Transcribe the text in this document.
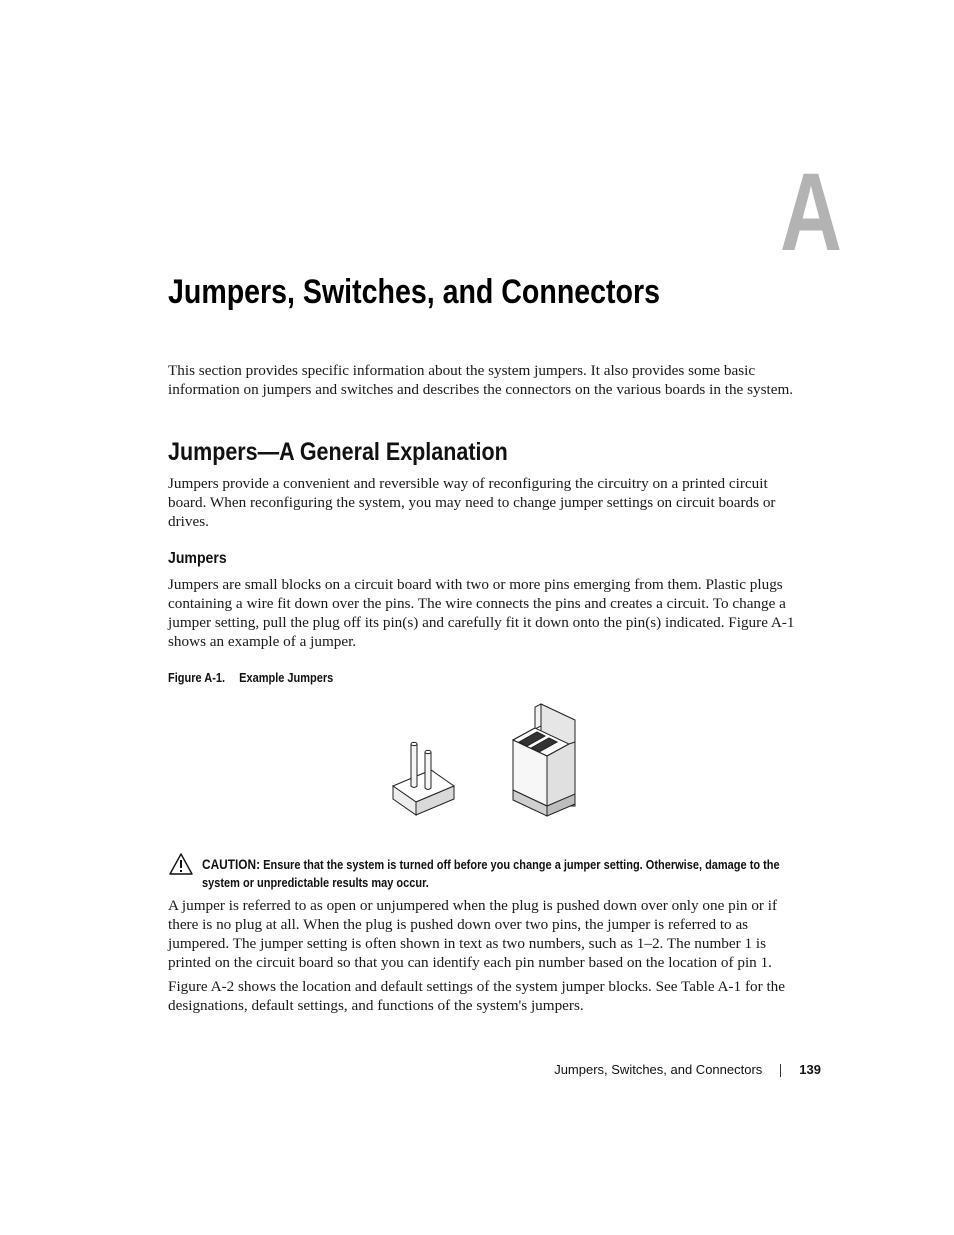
A
Jumpers, Switches, and Connectors

This section provides specific information about the system jumpers. It also provides some basic information on jumpers and switches and describes the connectors on the various boards in the system.

Jumpers—A General Explanation

Jumpers provide a convenient and reversible way of reconfiguring the circuitry on a printed circuit board. When reconfiguring the system, you may need to change jumper settings on circuit boards or drives.

Jumpers

Jumpers are small blocks on a circuit board with two or more pins emerging from them. Plastic plugs containing a wire fit down over the pins. The wire connects the pins and creates a circuit. To change a jumper setting, pull the plug off its pin(s) and carefully fit it down onto the pin(s) indicated. Figure A-1 shows an example of a jumper.

Figure A-1. Example Jumpers
CAUTION: Ensure that the system is turned off before you change a jumper setting. Otherwise, damage to the system or unpredictable results may occur.

A jumper is referred to as open or unjumpered when the plug is pushed down over only one pin or if there is no plug at all. When the plug is pushed down over two pins, the jumper is referred to as jumpered. The jumper setting is often shown in text as two numbers, such as 1–2. The number 1 is printed on the circuit board so that you can identify each pin number based on the location of pin 1.

Figure A-2 shows the location and default settings of the system jumper blocks. See Table A-1 for the designations, default settings, and functions of the system's jumpers.

Jumpers, Switches, and Connectors	139
